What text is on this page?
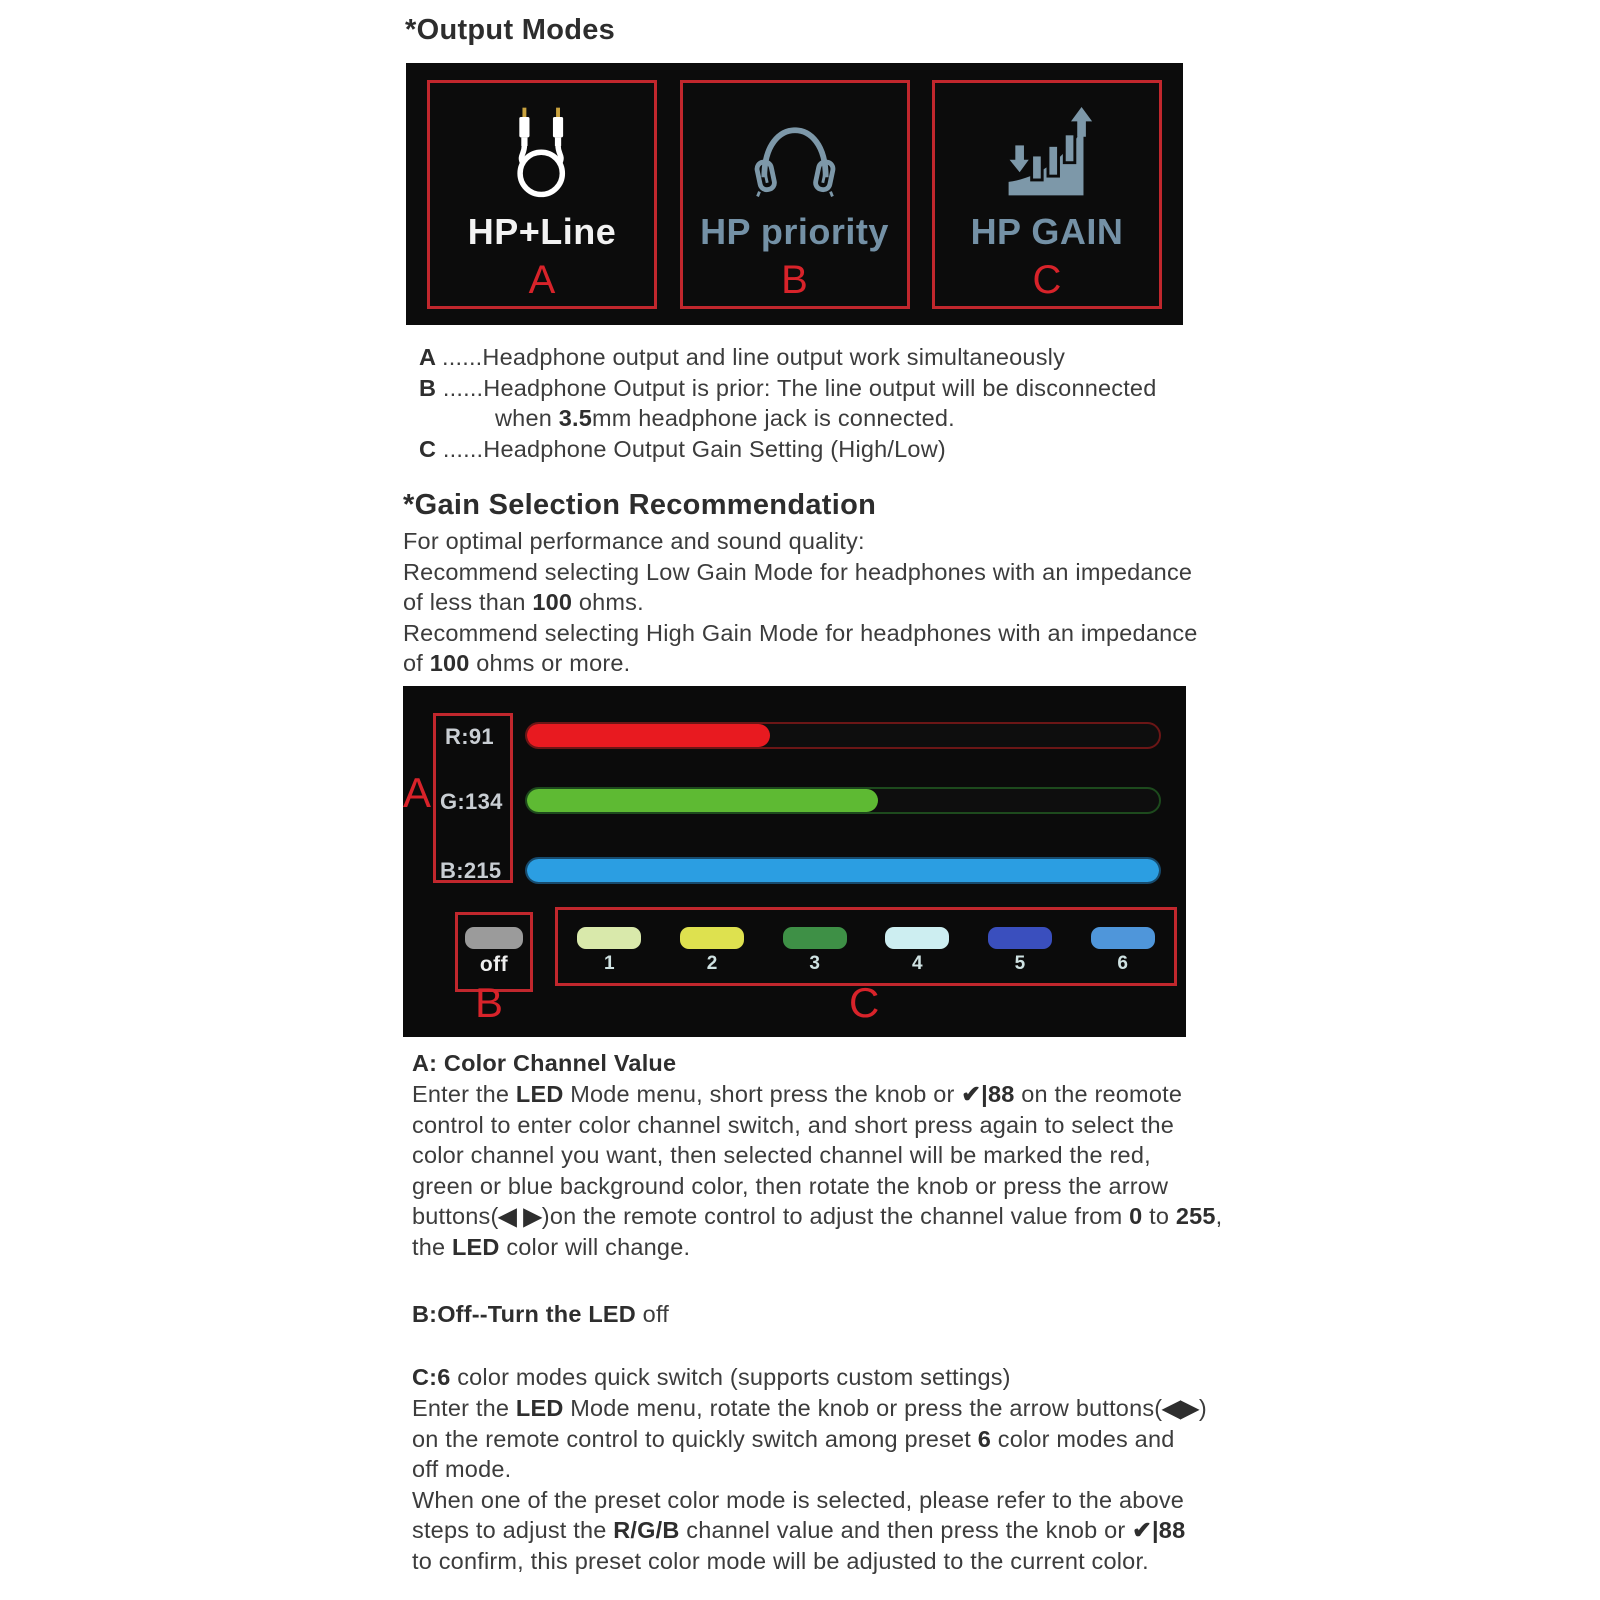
*Output Modes
HP+Line
A
HP priority
B
HP GAIN
C
A ......Headphone output and line output work simultaneously
B ......Headphone Output is prior: The line output will be disconnected
when 3.5mm headphone jack is connected.
C ......Headphone Output Gain Setting (High/Low)
*Gain Selection Recommendation
For optimal performance and sound quality:
Recommend selecting Low Gain Mode for headphones with an impedance
of less than 100 ohms.
Recommend selecting High Gain Mode for headphones with an impedance
of 100 ohms or more.
R:91
G:134
B:215
A
off
B
1	2	3	4	5	6
C
A: Color Channel Value
Enter the LED Mode menu, short press the knob or ✔|88 on the reomote
control to enter color channel switch, and short press again to select the
color channel you want, then selected channel will be marked the red,
green or blue background color, then rotate the knob or press the arrow
buttons(◀ ▶)on the remote control to adjust the channel value from 0 to 255,
the LED color will change.
B:Off--Turn the LED off
C:6 color modes quick switch (supports custom settings)
Enter the LED Mode menu, rotate the knob or press the arrow buttons(◀▶)
on the remote control to quickly switch among preset 6 color modes and
off mode.
When one of the preset color mode is selected, please refer to the above
steps to adjust the R/G/B channel value and then press the knob or ✔|88
to confirm, this preset color mode will be adjusted to the current color.
